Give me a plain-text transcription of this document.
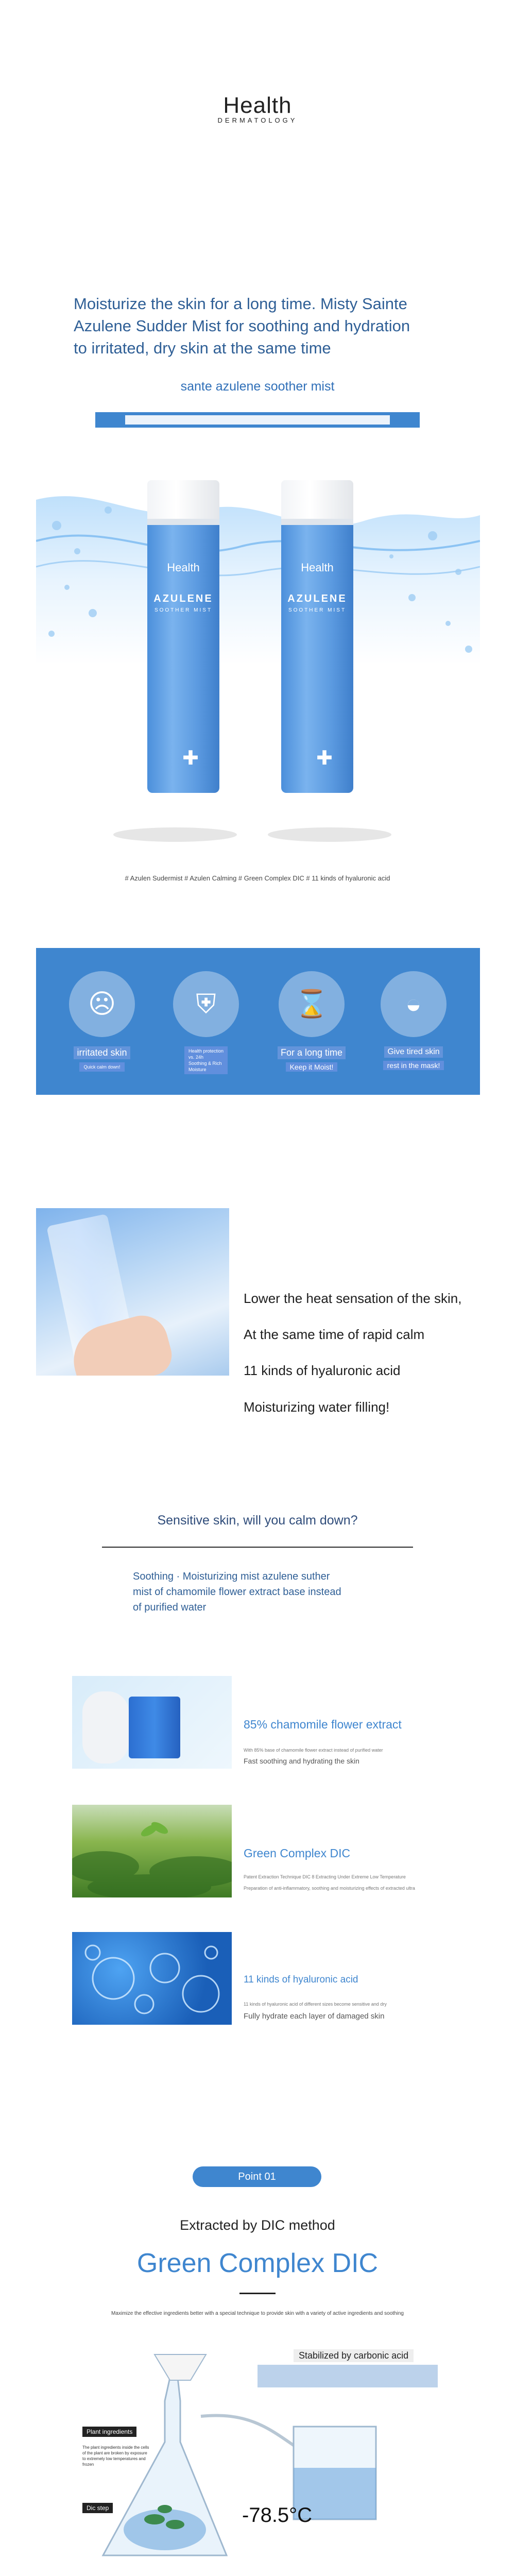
Health
DERMATOLOGY
Moisturize the skin for a long time. Misty Sainte
Azulene Sudder Mist for soothing and hydration
to irritated, dry skin at the same time
sante azulene soother mist
Health
AZULENE
SOOTHER MIST
✚
Health
AZULENE
SOOTHER MIST
✚
# Azulen Sudermist # Azulen Calming # Green Complex DIC # 11 kinds of hyaluronic acid
☹
irritated skin
Quick calm down!
⛨
Health protection
vs. 24h
Soothing & Rich
Moisture
⌛
For a long time
Keep it Moist!
◒
Give tired skin
rest in the mask!
Lower the heat sensation of the skin,
At the same time of rapid calm
11 kinds of hyaluronic acid
Moisturizing water filling!
Sensitive skin, will you calm down?
Soothing · Moisturizing mist azulene suther
mist of chamomile flower extract base instead
of purified water
85% chamomile flower extract
With 85% base of chamomile flower extract instead of purified water
Fast soothing and hydrating the skin
Green Complex DIC
Patent Extraction Technique DIC 8 Extracting Under Extreme Low Temperature
Preparation of anti-inflammatory, soothing and moisturizing effects of extracted ultra
11 kinds of hyaluronic acid
11 kinds of hyaluronic acid of different sizes become sensitive and dry
Fully hydrate each layer of damaged skin
Point 01
Extracted by DIC method
Green Complex DIC
Maximize the effective ingredients better with a special technique to provide skin with a variety of active ingredients and soothing
Stabilized by carbonic acid
Plant ingredients
The plant ingredients inside the cells of the plant are broken by exposure to extremely low temperatures and frozen
Dic step	-78.5°C
